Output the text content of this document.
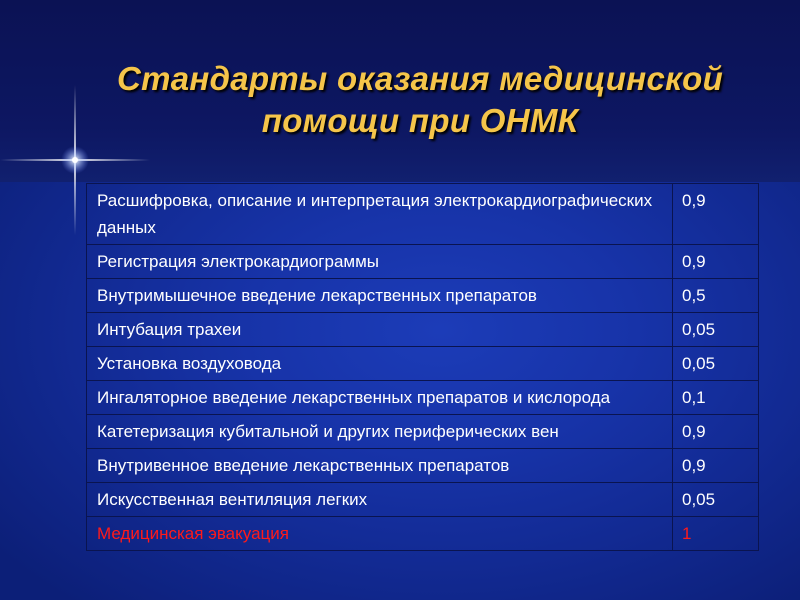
Стандарты оказания медицинской
помощи при ОНМК
Расшифровка, описание и интерпретация электрокардиографических данных	0,9
Регистрация электрокардиограммы	0,9
Внутримышечное введение лекарственных препаратов	0,5
Интубация трахеи	0,05
Установка воздуховода	0,05
Ингаляторное введение лекарственных препаратов и кислорода	0,1
Катетеризация кубитальной и других периферических вен	0,9
Внутривенное введение лекарственных препаратов	0,9
Искусственная вентиляция легких	0,05
Медицинская эвакуация	1
